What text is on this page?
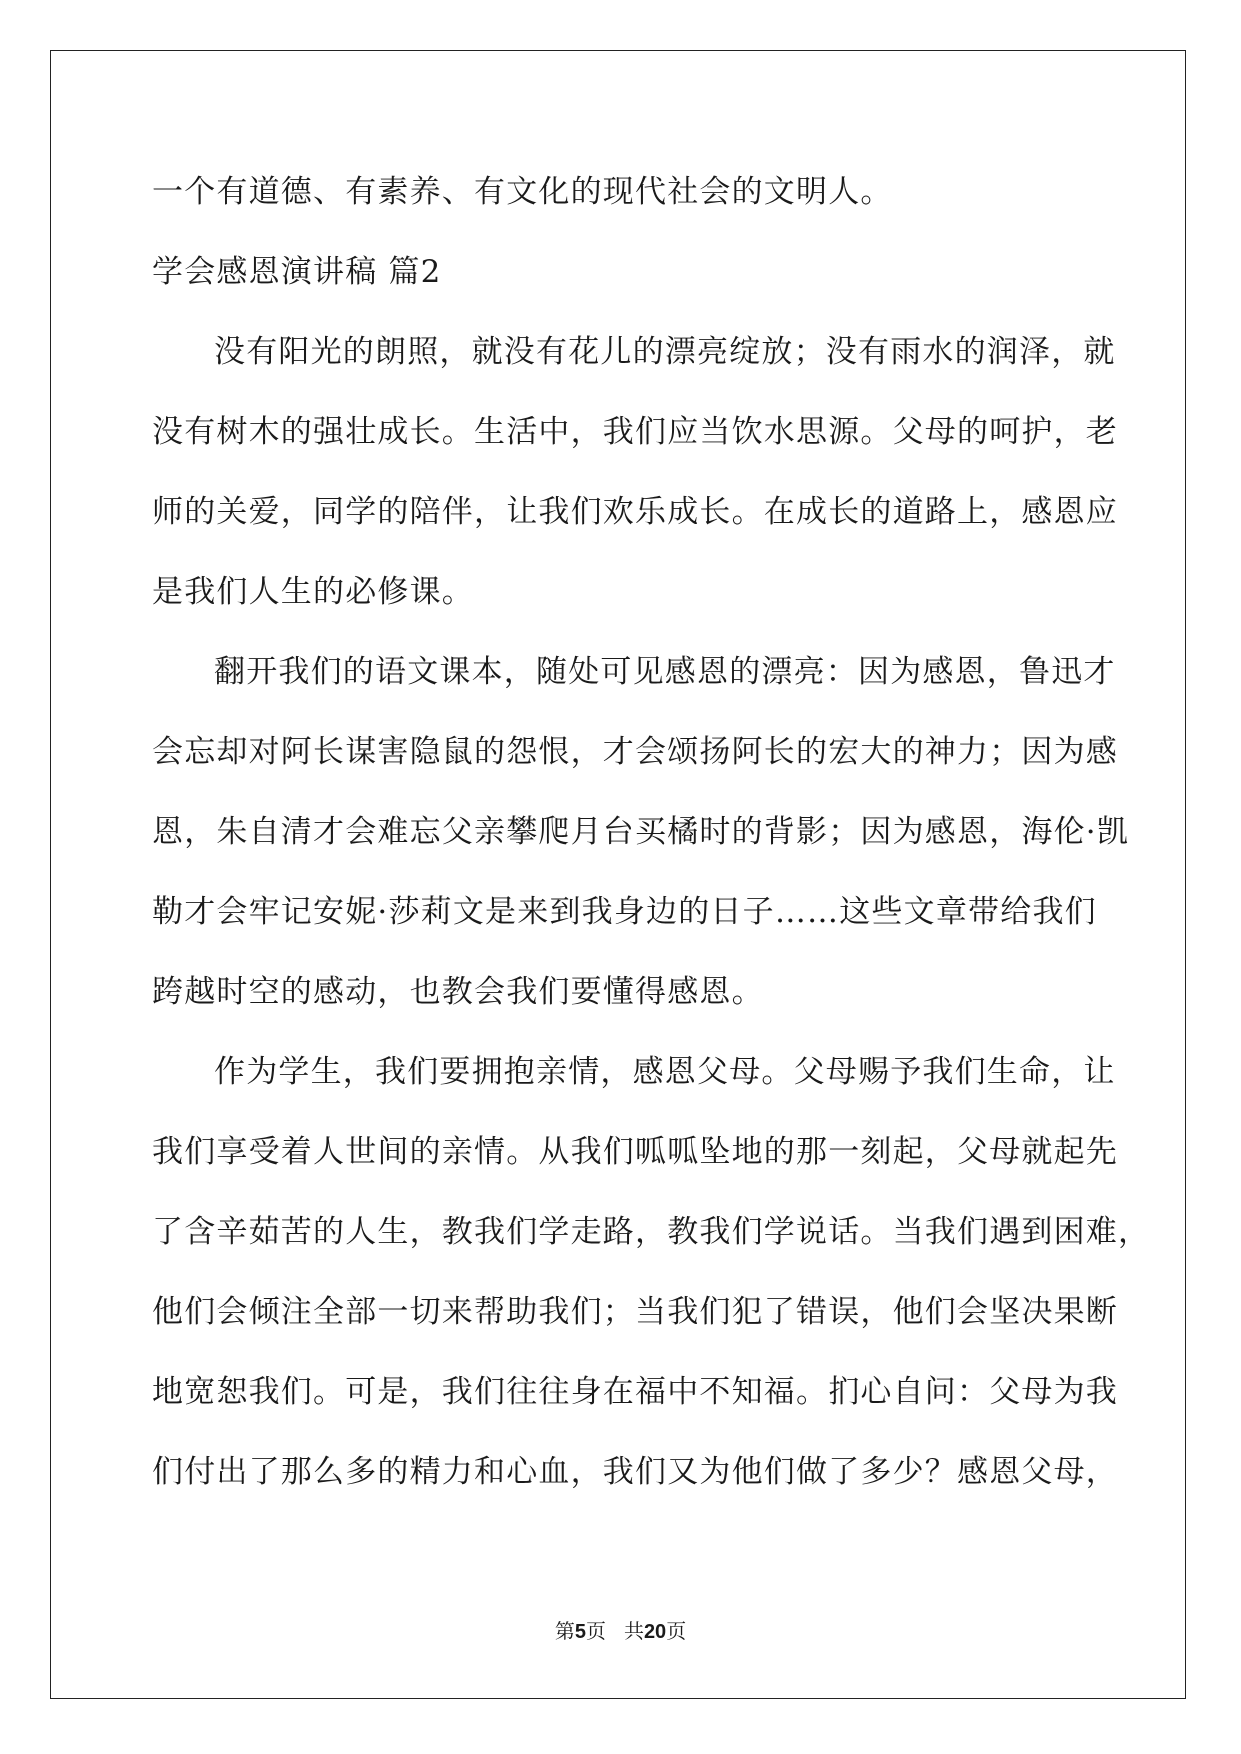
一个有道德、有素养、有文化的现代社会的文明人。
学会感恩演讲稿 篇2
没有阳光的朗照，就没有花儿的漂亮绽放；没有雨水的润泽，就
没有树木的强壮成长。生活中，我们应当饮水思源。父母的呵护，老
师的关爱，同学的陪伴，让我们欢乐成长。在成长的道路上，感恩应
是我们人生的必修课。
翻开我们的语文课本，随处可见感恩的漂亮：因为感恩，鲁迅才
会忘却对阿长谋害隐鼠的怨恨，才会颂扬阿长的宏大的神力；因为感
恩，朱自清才会难忘父亲攀爬月台买橘时的背影；因为感恩，海伦·凯
勒才会牢记安妮·莎莉文是来到我身边的日子……这些文章带给我们
跨越时空的感动，也教会我们要懂得感恩。
作为学生，我们要拥抱亲情，感恩父母。父母赐予我们生命，让
我们享受着人世间的亲情。从我们呱呱坠地的那一刻起，父母就起先
了含辛茹苦的人生，教我们学走路，教我们学说话。当我们遇到困难，
他们会倾注全部一切来帮助我们；当我们犯了错误，他们会坚决果断
地宽恕我们。可是，我们往往身在福中不知福。扪心自问：父母为我
们付出了那么多的精力和心血，我们又为他们做了多少？感恩父母，
第5页 共20页
